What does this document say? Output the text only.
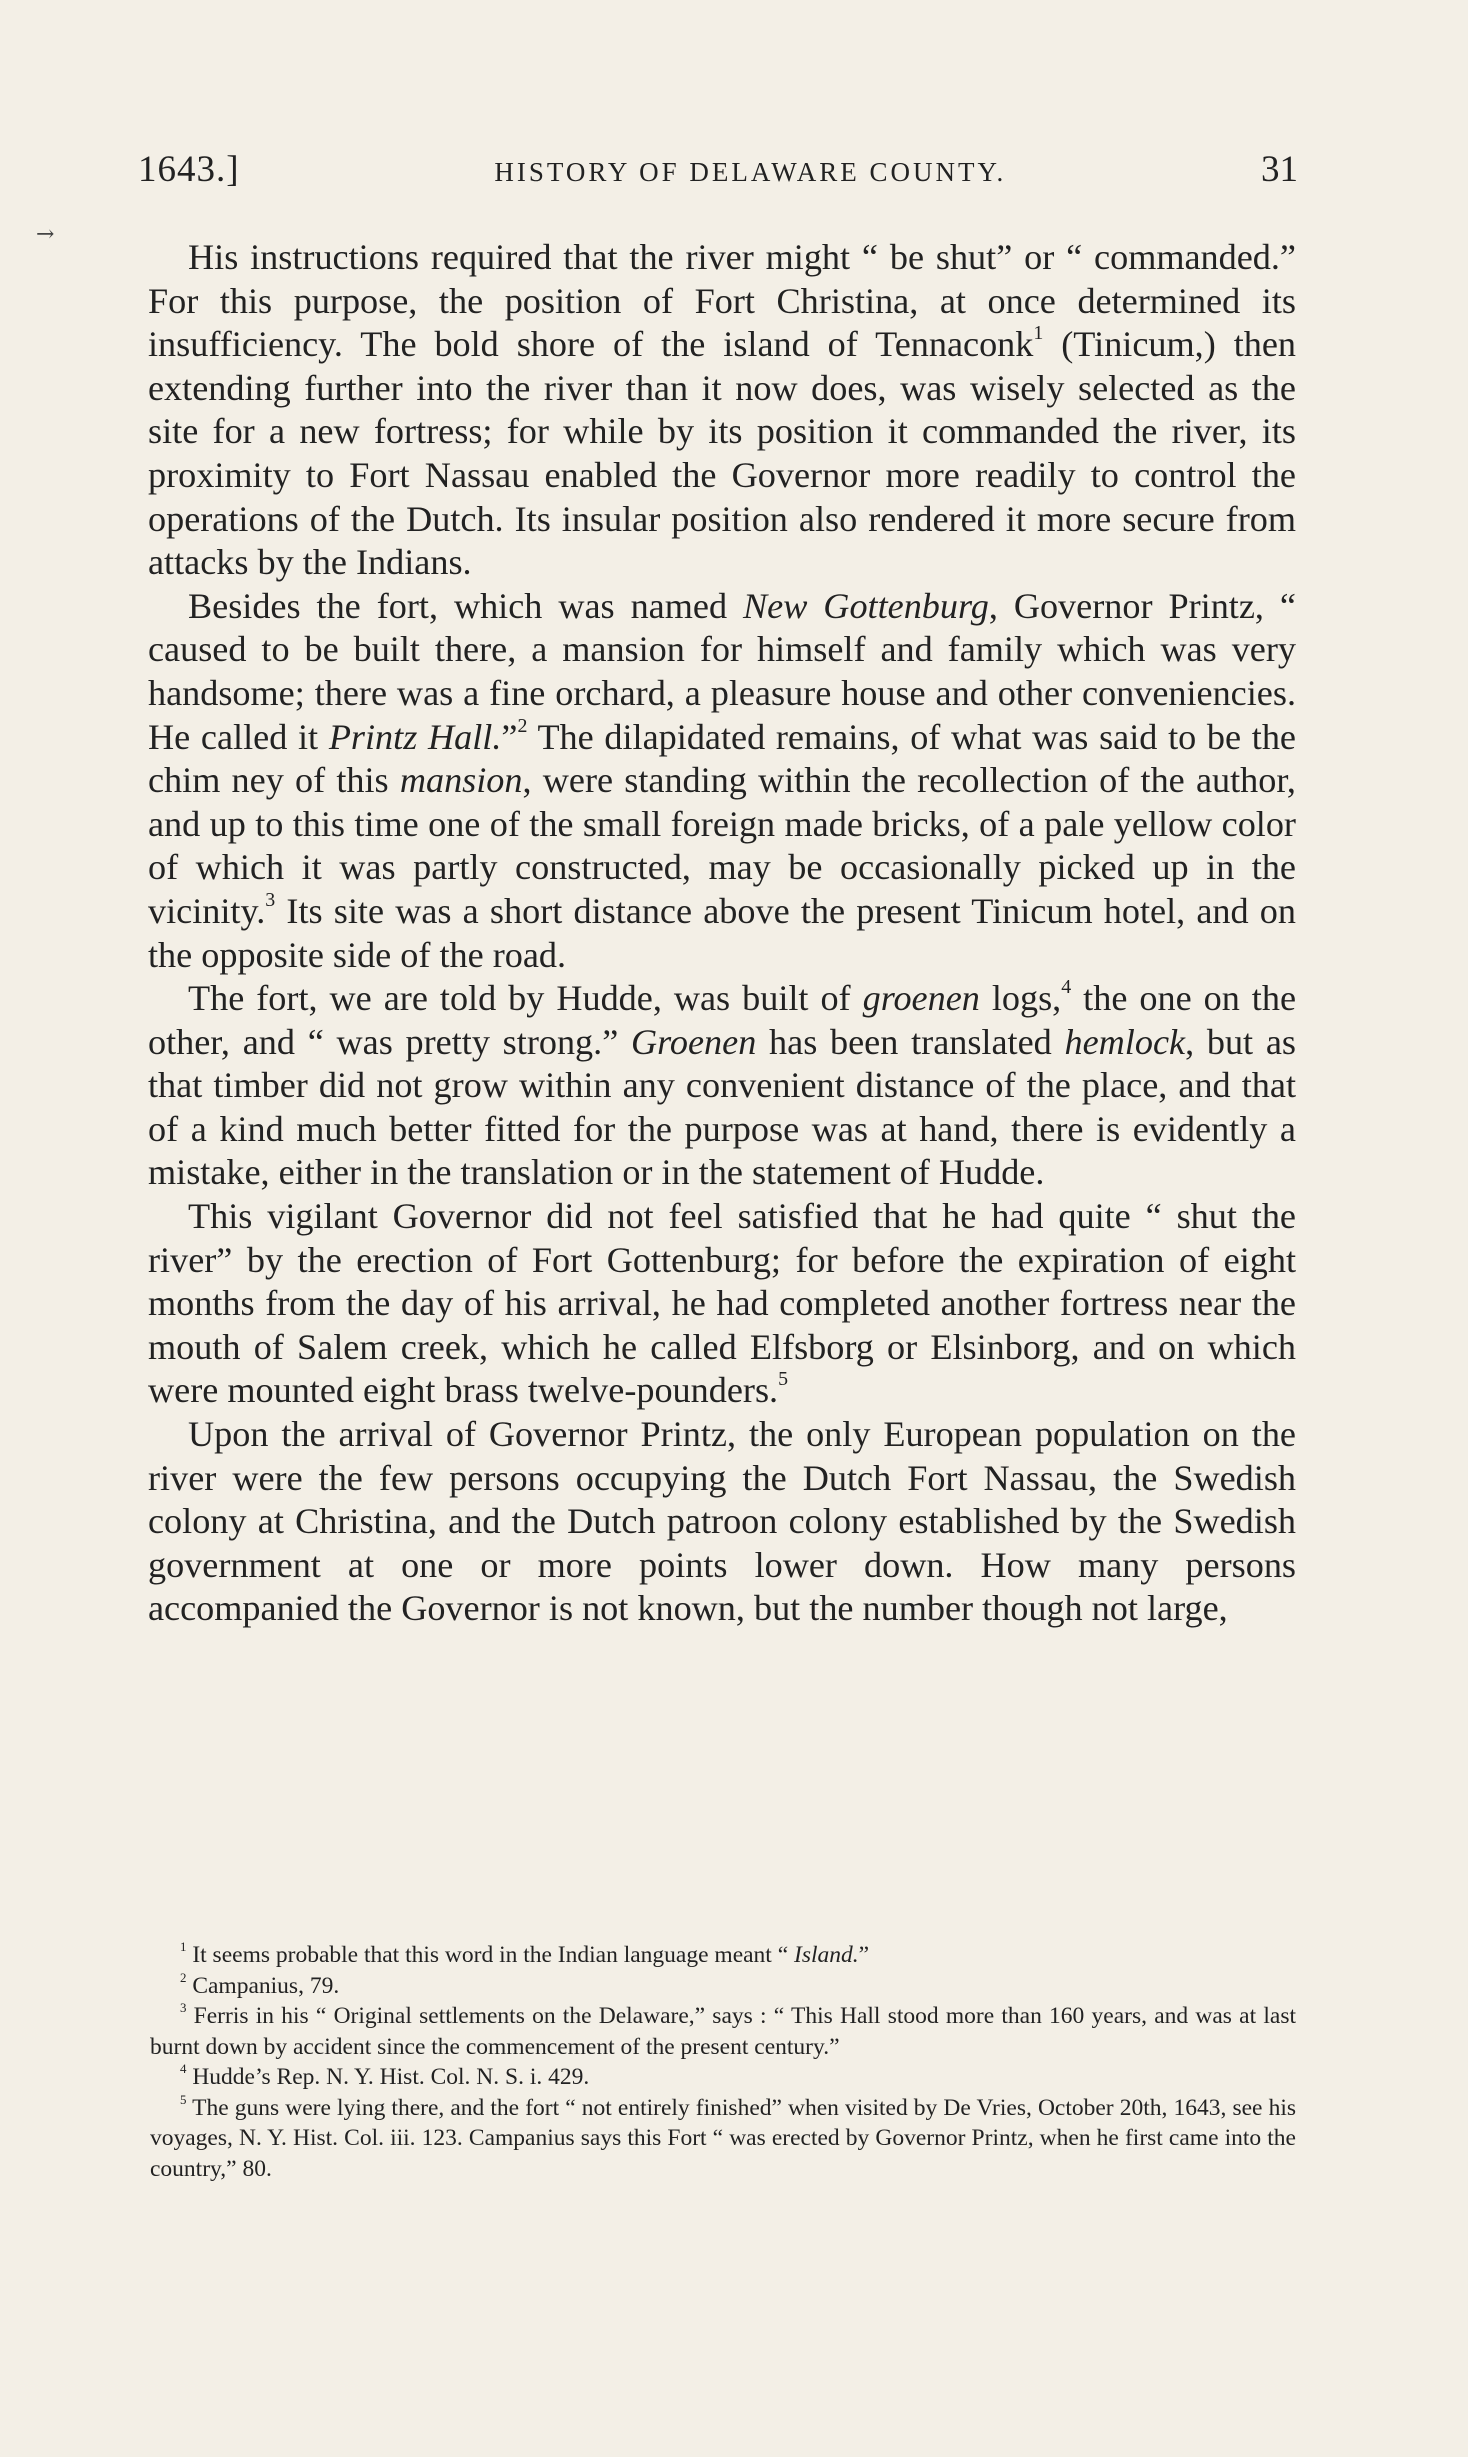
→
1643.]	HISTORY OF DELAWARE COUNTY.	31

His instructions required that the river might “ be shut” or “ commanded.” For this purpose, the position of Fort Christina, at once determined its insufficiency. The bold shore of the island of Tennaconk$^1$ (Tinicum,) then extending further into the river than it now does, was wisely selected as the site for a new fortress; for while by its position it commanded the river, its proximity to Fort Nassau enabled the Governor more readily to control the operations of the Dutch. Its insular position also rendered it more secure from attacks by the Indians.

Besides the fort, which was named New Gottenburg, Governor Printz, “ caused to be built there, a mansion for himself and family which was very handsome; there was a fine orchard, a pleasure house and other conveniencies. He called it Printz Hall.”$^2$ The dilapidated remains, of what was said to be the chim ney of this mansion, were standing within the recollection of the author, and up to this time one of the small foreign made bricks, of a pale yellow color of which it was partly constructed, may be occasionally picked up in the vicinity.$^3$ Its site was a short distance above the present Tinicum hotel, and on the opposite side of the road.

The fort, we are told by Hudde, was built of groenen logs,$^4$ the one on the other, and “ was pretty strong.” Groenen has been translated hemlock, but as that timber did not grow within any convenient distance of the place, and that of a kind much better fitted for the purpose was at hand, there is evidently a mistake, either in the translation or in the statement of Hudde.

This vigilant Governor did not feel satisfied that he had quite “ shut the river” by the erection of Fort Gottenburg; for before the expiration of eight months from the day of his arrival, he had completed another fortress near the mouth of Salem creek, which he called Elfsborg or Elsinborg, and on which were mounted eight brass twelve-pounders.$^5$

Upon the arrival of Governor Printz, the only European population on the river were the few persons occupying the Dutch Fort Nassau, the Swedish colony at Christina, and the Dutch patroon colony established by the Swedish government at one or more points lower down. How many persons accompanied the Governor is not known, but the number though not large,

$^1$ It seems probable that this word in the Indian language meant “ Island.”

$^2$ Campanius, 79.

$^3$ Ferris in his “ Original settlements on the Delaware,” says : “ This Hall stood more than 160 years, and was at last burnt down by accident since the commencement of the present century.”

$^4$ Hudde’s Rep. N. Y. Hist. Col. N. S. i. 429.

$^5$ The guns were lying there, and the fort “ not entirely finished” when visited by De Vries, October 20th, 1643, see his voyages, N. Y. Hist. Col. iii. 123. Campanius says this Fort “ was erected by Governor Printz, when he first came into the country,” 80.
